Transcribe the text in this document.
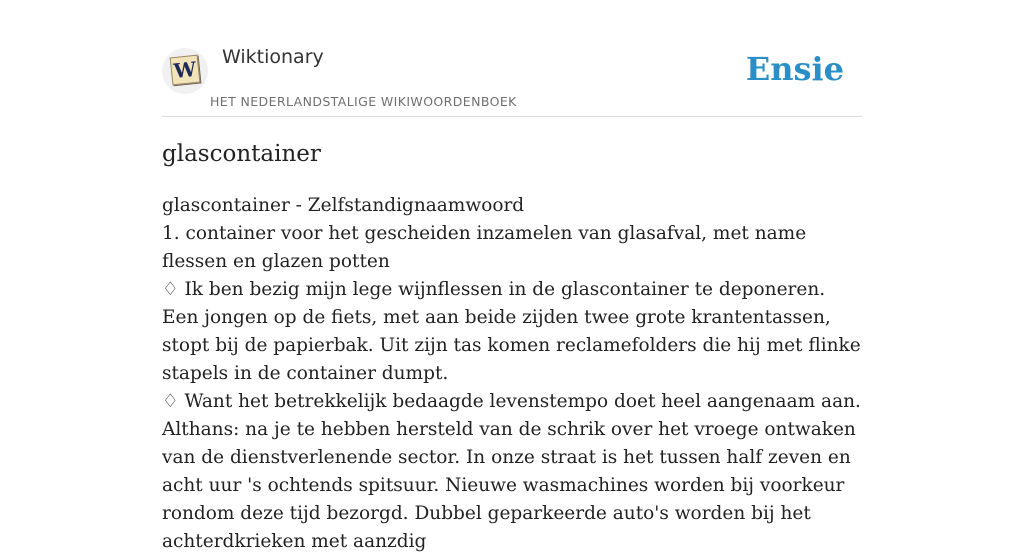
W Wiktionary
HET NEDERLANDSTALIGE WIKIWOORDENBOEK
Ensie
glascontainer
glascontainer - Zelfstandignaamwoord
1. container voor het gescheiden inzamelen van glasafval, met name flessen en glazen potten
♢ Ik ben bezig mijn lege wijnflessen in de glascontainer te deponeren. Een jongen op de fiets, met aan beide zijden twee grote krantentassen, stopt bij de papierbak. Uit zijn tas komen reclamefolders die hij met flinke stapels in de container dumpt.
♢ Want het betrekkelijk bedaagde levenstempo doet heel aangenaam aan. Althans: na je te hebben hersteld van de schrik over het vroege ontwaken van de dienstverlenende sector. In onze straat is het tussen half zeven en acht uur 's ochtends spitsuur. Nieuwe wasmachines worden bij voorkeur rondom deze tijd bezorgd. Dubbel geparkeerde auto's worden bij het achterdkrieken met aanzdig
